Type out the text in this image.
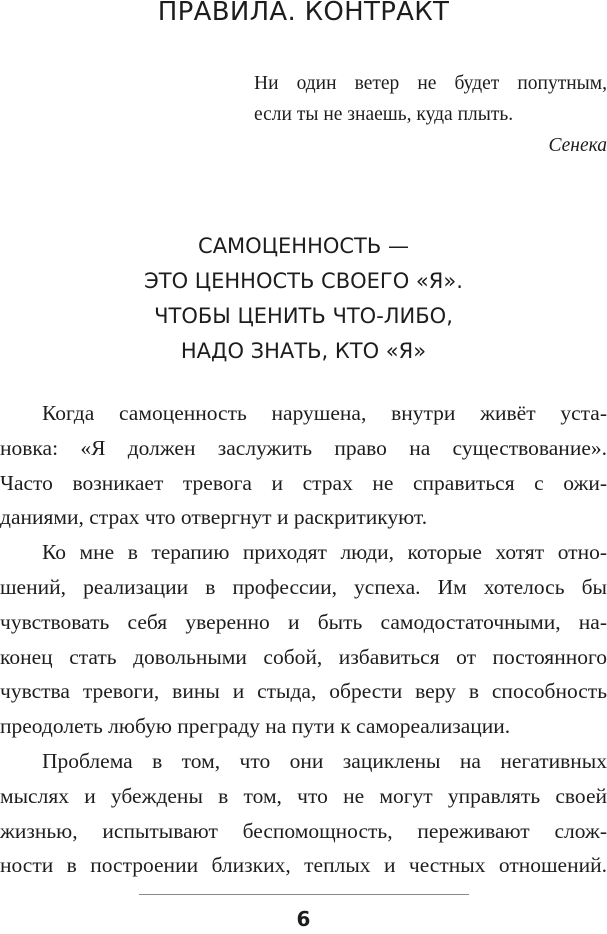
ПРАВИЛА. КОНТРАКТ
Ни один ветер не будет попутным,
если ты не знаешь, куда плыть.
Сенека
САМОЦЕННОСТЬ —
ЭТО ЦЕННОСТЬ СВОЕГО «Я».
ЧТОБЫ ЦЕНИТЬ ЧТО-ЛИБО,
НАДО ЗНАТЬ, КТО «Я»
Когда самоценность нарушена, внутри живёт уста-
новка: «Я должен заслужить право на существование».
Часто возникает тревога и страх не справиться с ожи-
даниями, страх что отвергнут и раскритикуют.
Ко мне в терапию приходят люди, которые хотят отно-
шений, реализации в профессии, успеха. Им хотелось бы
чувствовать себя уверенно и быть самодостаточными, на-
конец стать довольными собой, избавиться от постоянного
чувства тревоги, вины и стыда, обрести веру в способность
преодолеть любую преграду на пути к самореализации.
Проблема в том, что они зациклены на негативных
мыслях и убеждены в том, что не могут управлять своей
жизнью, испытывают беспомощность, переживают слож-
ности в построении близких, теплых и честных отношений.
6
